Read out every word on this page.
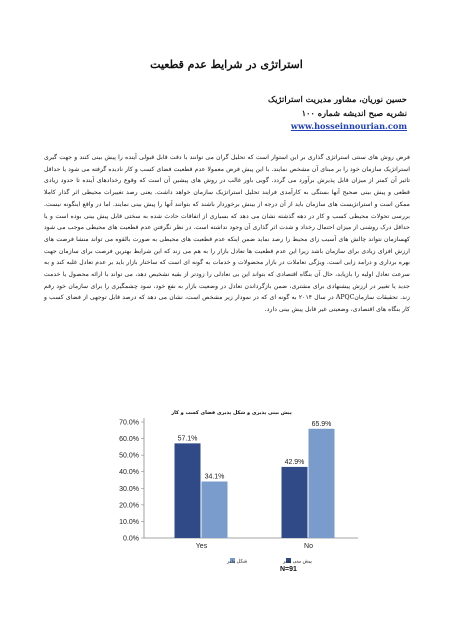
استراتژی در شرایط عدم قطعیت
حسین نوریان، مشاور مدیریت استراتژیک
نشریه صبح اندیشه شماره ۱۰۰
www.hosseinnourian.com
فرض روش های سنتی استراتژی گذاری بر این استوار است که تحلیل گران می توانند با دقت قابل قبولی آینده را پیش بینی کنند و جهت گیری استراتژیک سازمان خود را بر مبنای آن مشخص نمایند. با این پیش فرض معمولا عدم قطعیت فضای کسب و کار نادیده گرفته می شود یا حداقل تاثیر آن کمتر از میزان قابل پذیرش برآورد می گردد. گویی باور غالب در روش های پیشین آن است که وقوع رخدادهای آینده تا حدود زیادی قطعی و پیش بینی صحیح آنها بستگی به کارآمدی فرایند تحلیل استراتژیک سازمان خواهد داشت. یعنی رصد تغییرات محیطی اثر گذار کاملا ممکن است و استراتژیست های سازمان باید از آن درجه از بینش برخوردار باشند که بتوانند آنها را پیش بینی نمایند. اما در واقع اینگونه نیست. بررسی تحولات محیطی کسب و کار در دهه گذشته نشان می دهد که بسیاری از اتفاقات حادث شده به سختی قابل پیش بینی بوده است و یا حداقل درک روشنی از میزان احتمال رخداد و شدت اثر گذاری آن وجود نداشته است. در نظر نگرفتن عدم قطعیت های محیطی موجب می شود کهسازمان نتواند چالش های آسیب زای محیط را رصد نماید ضمن اینکه عدم قطعیت های محیطی به صورت بالقوه می تواند منشا فرصت های ارزش افزای زیادی برای سازمان باشد زیرا این عدم قطعیت ها تعادل بازار را به هم می زند که این شرایط بهترین فرصت برای سازمان جهت بهره برداری و درامد زایی است. ویژگی تعاملات در بازار محصولات و خدمات به گونه ای است که ساختار بازار باید بر عدم تعادل غلبه کند و به سرعت تعادل اولیه را بازیابد، حال آن بنگاه اقتصادی که بتواند این بی تعادلی را زودتر از بقیه تشخیص دهد، می تواند با ارائه محصول یا خدمت جدید یا تغییر در ارزش پیشنهادی برای مشتری، ضمن بازگرداندن تعادل در وضعیت بازار به نفع خود، سود چشمگیری را برای سازمان خود رقم زند. تحقیقات سازمانAPQC در سال ۲۰۱۴ به گونه ای که در نمودار زیر مشخص است، نشان می دهد که درصد قابل توجهی از فضای کسب و کار بنگاه های اقتصادی، وضعیتی غیر قابل پیش بینی دارد.
پیش بینی پذیری و شکل پذیری فضای کسب و کار
0.0%
10.0%
20.0%
30.0%
40.0%
50.0%
60.0%
70.0%
57.1%
34.1%
Yes
42.9%
65.9%
No
پیش بینی پذیر
شکل پذیر
N=91
